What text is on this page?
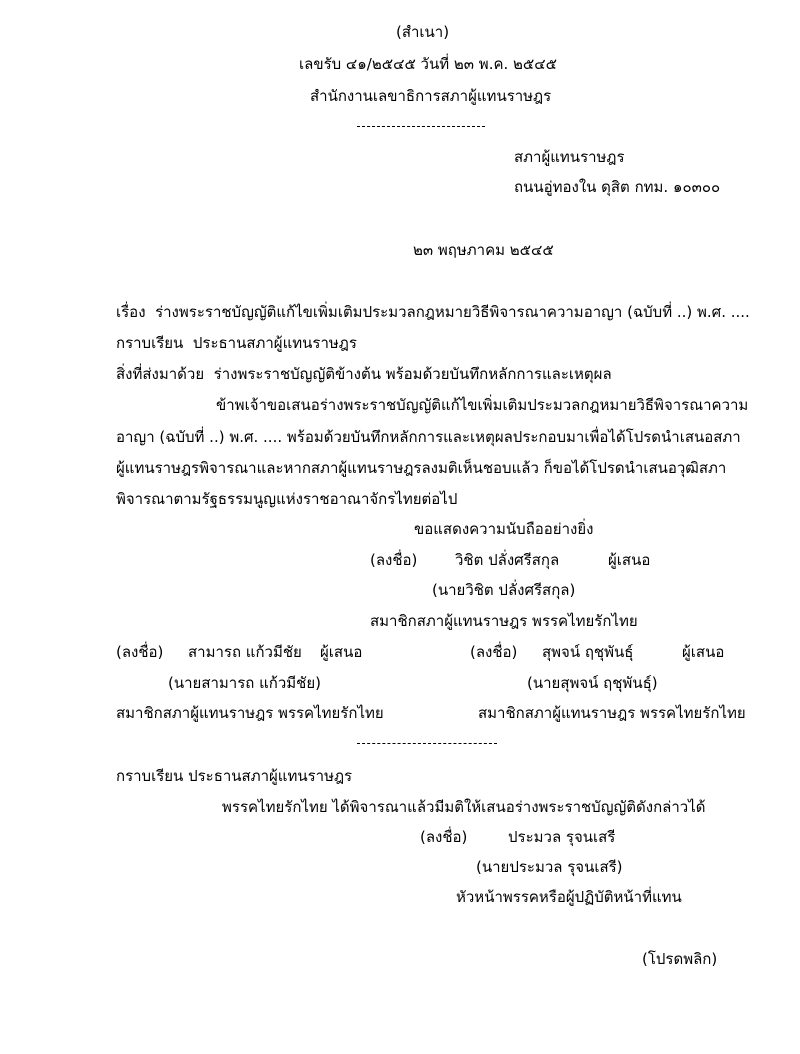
(สำเนา)
เลขรับ ๔๑/๒๕๔๕ วันที่ ๒๓ พ.ค. ๒๕๔๕
สำนักงานเลขาธิการสภาผู้แทนราษฎร
สภาผู้แทนราษฎร
ถนนอู่ทองใน ดุสิต กทม. ๑๐๓๐๐
๒๓ พฤษภาคม ๒๕๔๕
เรื่อง ร่างพระราชบัญญัติแก้ไขเพิ่มเติมประมวลกฎหมายวิธีพิจารณาความอาญา (ฉบับที่ ..) พ.ศ. ....
กราบเรียน ประธานสภาผู้แทนราษฎร
สิ่งที่ส่งมาด้วย ร่างพระราชบัญญัติข้างต้น พร้อมด้วยบันทึกหลักการและเหตุผล
ข้าพเจ้าขอเสนอร่างพระราชบัญญัติแก้ไขเพิ่มเติมประมวลกฎหมายวิธีพิจารณาความ
อาญา (ฉบับที่ ..) พ.ศ. .... พร้อมด้วยบันทึกหลักการและเหตุผลประกอบมาเพื่อได้โปรดนำเสนอสภา
ผู้แทนราษฎรพิจารณาและหากสภาผู้แทนราษฎรลงมติเห็นชอบแล้ว ก็ขอได้โปรดนำเสนอวุฒิสภา
พิจารณาตามรัฐธรรมนูญแห่งราชอาณาจักรไทยต่อไป
ขอแสดงความนับถืออย่างยิ่ง
(ลงชื่อ)	วิชิต ปลั่งศรีสกุล	ผู้เสนอ
(นายวิชิต ปลั่งศรีสกุล)
สมาชิกสภาผู้แทนราษฎร พรรคไทยรักไทย
(ลงชื่อ) สามารถ แก้วมีชัย ผู้เสนอ
(นายสามารถ แก้วมีชัย)
สมาชิกสภาผู้แทนราษฎร พรรคไทยรักไทย
(ลงชื่อ) สุพจน์ ฤชุพันธุ์	ผู้เสนอ
(นายสุพจน์ ฤชุพันธุ์)
สมาชิกสภาผู้แทนราษฎร พรรคไทยรักไทย
กราบเรียน ประธานสภาผู้แทนราษฎร
พรรคไทยรักไทย ได้พิจารณาแล้วมีมติให้เสนอร่างพระราชบัญญัติดังกล่าวได้
(ลงชื่อ)	ประมวล รุจนเสรี
(นายประมวล รุจนเสรี)
หัวหน้าพรรคหรือผู้ปฏิบัติหน้าที่แทน
(โปรดพลิก)
